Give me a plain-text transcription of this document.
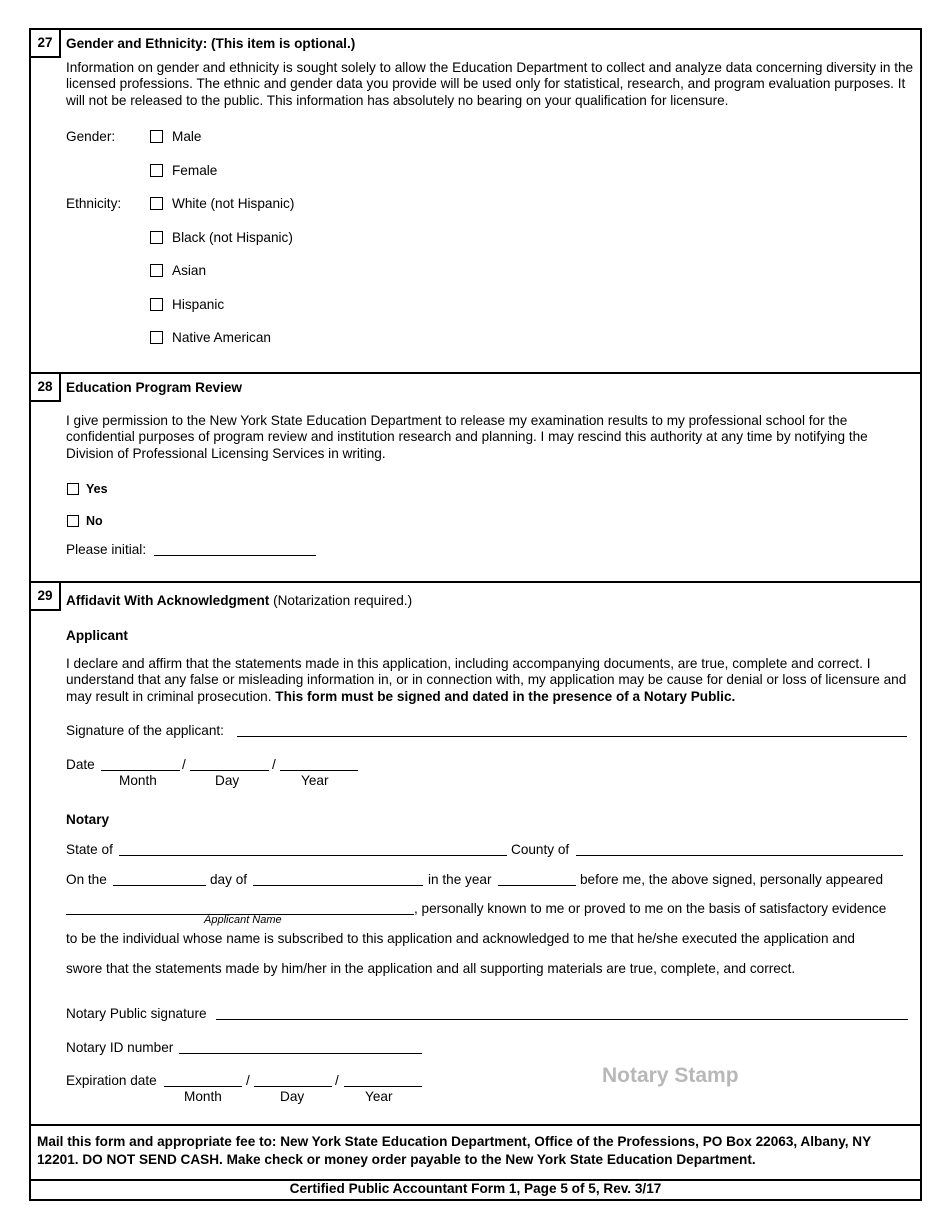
27 Gender and Ethnicity: (This item is optional.)
Information on gender and ethnicity is sought solely to allow the Education Department to collect and analyze data concerning diversity in the licensed professions. The ethnic and gender data you provide will be used only for statistical, research, and program evaluation purposes. It will not be released to the public. This information has absolutely no bearing on your qualification for licensure.
Gender:	Male
Female
Ethnicity:	White (not Hispanic)
Black (not Hispanic)
Asian
Hispanic
Native American
28 Education Program Review
I give permission to the New York State Education Department to release my examination results to my professional school for the confidential purposes of program review and institution research and planning. I may rescind this authority at any time by notifying the Division of Professional Licensing Services in writing.
Yes
No
Please initial:
29 Affidavit With Acknowledgment (Notarization required.)
Applicant
I declare and affirm that the statements made in this application, including accompanying documents, are true, complete and correct. I understand that any false or misleading information in, or in connection with, my application may be cause for denial or loss of licensure and may result in criminal prosecution. This form must be signed and dated in the presence of a Notary Public.
Signature of the applicant:
Date	/	/
Month	Day	Year
Notary
State of	County of
On the	day of	in the year	before me, the above signed, personally appeared
Applicant Name
, personally known to me or proved to me on the basis of satisfactory evidence
to be the individual whose name is subscribed to this application and acknowledged to me that he/she executed the application and
swore that the statements made by him/her in the application and all supporting materials are true, complete, and correct.
Notary Public signature
Notary ID number
Expiration date	/	/
Month	Day	Year
Notary Stamp
Mail this form and appropriate fee to: New York State Education Department, Office of the Professions, PO Box 22063, Albany, NY 12201. DO NOT SEND CASH. Make check or money order payable to the New York State Education Department.
Certified Public Accountant Form 1, Page 5 of 5, Rev. 3/17
